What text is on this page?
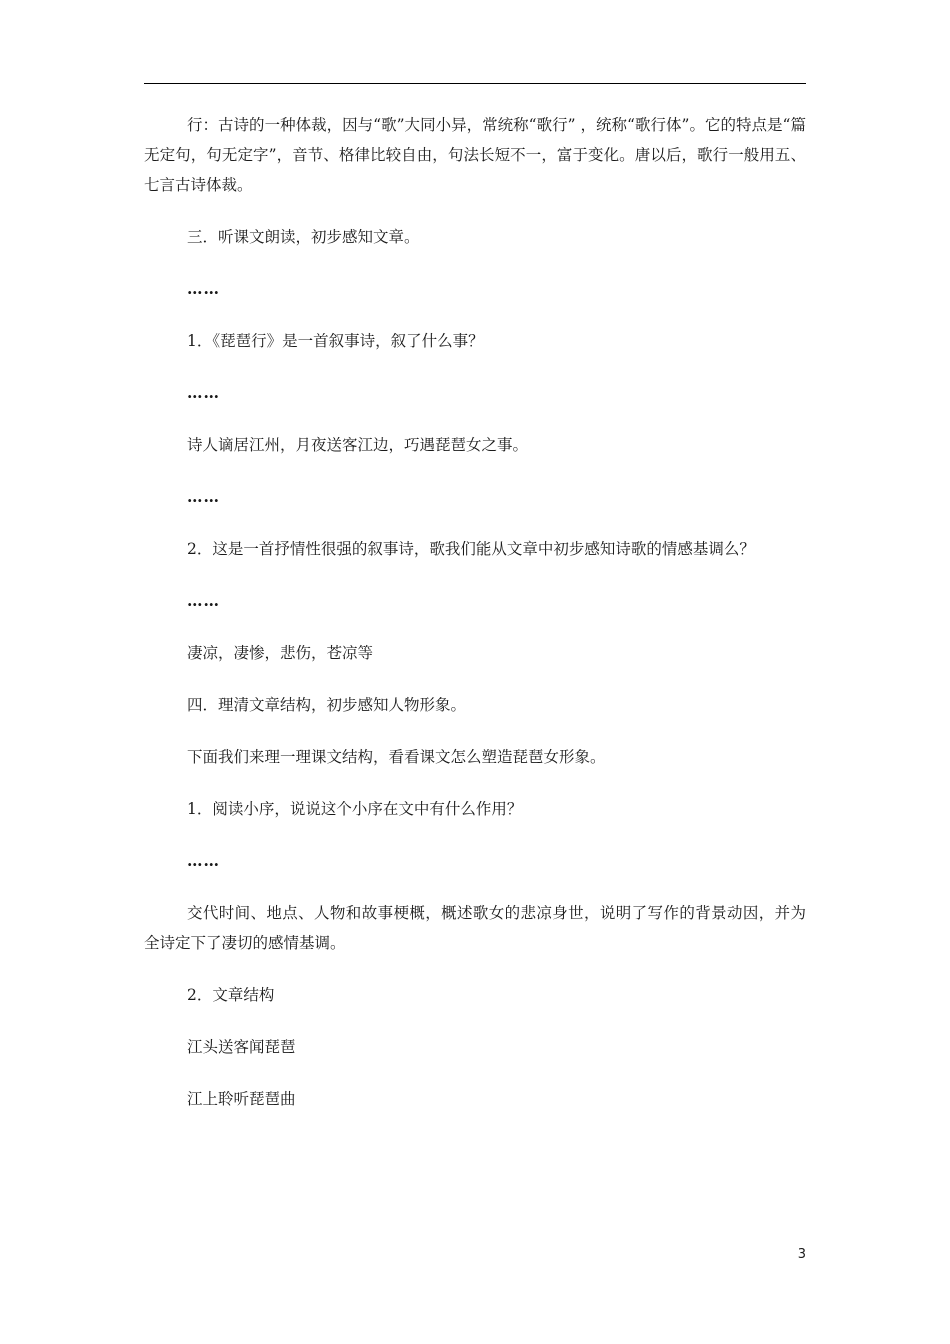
行：古诗的一种体裁，因与“歌”大同小异，常统称“歌行” ，统称“歌行体”。它的特点是“篇无定句，句无定字”，音节、格律比较自由，句法长短不一，富于变化。唐以后，歌行一般用五、七言古诗体裁。

三．听课文朗读，初步感知文章。

……

1．《琵琶行》是一首叙事诗，叙了什么事？

……

诗人谪居江州，月夜送客江边，巧遇琵琶女之事。

……

2．这是一首抒情性很强的叙事诗，歌我们能从文章中初步感知诗歌的情感基调么？

……

凄凉，凄惨，悲伤，苍凉等

四．理清文章结构，初步感知人物形象。

下面我们来理一理课文结构，看看课文怎么塑造琵琶女形象。

1．阅读小序，说说这个小序在文中有什么作用？

……

交代时间、地点、人物和故事梗概，概述歌女的悲凉身世，说明了写作的背景动因，并为全诗定下了凄切的感情基调。

2．文章结构

江头送客闻琵琶

江上聆听琵琶曲

3
